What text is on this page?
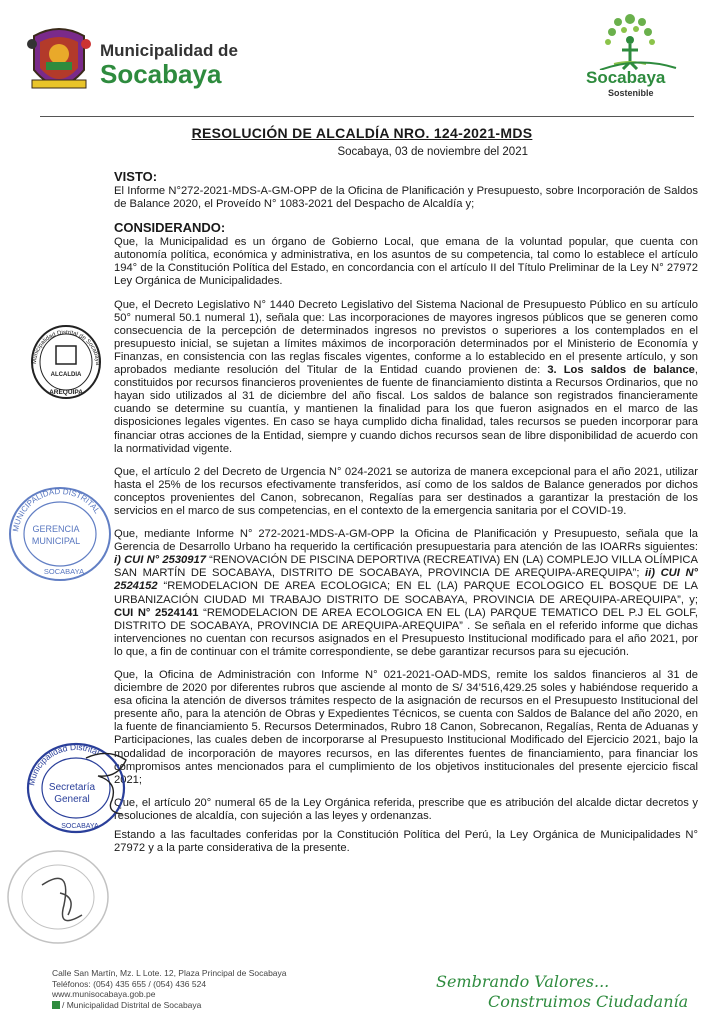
Municipalidad de
Socabaya	Socabaya
Sostenible
RESOLUCIÓN DE ALCALDÍA NRO. 124-2021-MDS
Socabaya, 03 de noviembre del 2021
VISTO:

El Informe N°272-2021-MDS-A-GM-OPP de la Oficina de Planificación y Presupuesto, sobre Incorporación de Saldos de Balance 2020, el Proveído N° 1083-2021 del Despacho de Alcaldía y;

CONSIDERANDO:

Que, la Municipalidad es un órgano de Gobierno Local, que emana de la voluntad popular, que cuenta con autonomía política, económica y administrativa, en los asuntos de su competencia, tal como lo establece el artículo 194° de la Constitución Política del Estado, en concordancia con el artículo II del Título Preliminar de la Ley N° 27972 Ley Orgánica de Municipalidades.

Que, el Decreto Legislativo N° 1440 Decreto Legislativo del Sistema Nacional de Presupuesto Público en su artículo 50° numeral 50.1 numeral 1), señala que: Las incorporaciones de mayores ingresos públicos que se generen como consecuencia de la percepción de determinados ingresos no previstos o superiores a los contemplados en el presupuesto inicial, se sujetan a límites máximos de incorporación determinados por el Ministerio de Economía y Finanzas, en consistencia con las reglas fiscales vigentes, conforme a lo establecido en el presente artículo, y son aprobados mediante resolución del Titular de la Entidad cuando provienen de: 3. Los saldos de balance, constituidos por recursos financieros provenientes de fuente de financiamiento distinta a Recursos Ordinarios, que no hayan sido utilizados al 31 de diciembre del año fiscal. Los saldos de balance son registrados financieramente cuando se determine su cuantía, y mantienen la finalidad para los que fueron asignados en el marco de las disposiciones legales vigentes. En caso se haya cumplido dicha finalidad, tales recursos se pueden incorporar para financiar otras acciones de la Entidad, siempre y cuando dichos recursos sean de libre disponibilidad de acuerdo con la normatividad vigente.

Que, el artículo 2 del Decreto de Urgencia N° 024-2021 se autoriza de manera excepcional para el año 2021, utilizar hasta el 25% de los recursos efectivamente transferidos, así como de los saldos de Balance generados por dichos conceptos provenientes del Canon, sobrecanon, Regalías para ser destinados a garantizar la prestación de los servicios en el marco de sus competencias, en el contexto de la emergencia sanitaria por el COVID-19.

Que, mediante Informe N° 272-2021-MDS-A-GM-OPP la Oficina de Planificación y Presupuesto, señala que la Gerencia de Desarrollo Urbano ha requerido la certificación presupuestaria para atención de las IOARRs siguientes: i) CUI N° 2530917 “RENOVACIÓN DE PISCINA DEPORTIVA (RECREATIVA) EN (LA) COMPLEJO VILLA OLÍMPICA SAN MARTÍN DE SOCABAYA, DISTRITO DE SOCABAYA, PROVINCIA DE AREQUIPA-AREQUIPA”; ii) CUI N° 2524152 “REMODELACION DE AREA ECOLOGICA; EN EL (LA) PARQUE ECOLOGICO EL BOSQUE DE LA URBANIZACIÓN CIUDAD MI TRABAJO DISTRITO DE SOCABAYA, PROVINCIA DE AREQUIPA-AREQUIPA”, y; CUI N° 2524141 “REMODELACION DE AREA ECOLOGICA EN EL (LA) PARQUE TEMATICO DEL P.J EL GOLF, DISTRITO DE SOCABAYA, PROVINCIA DE AREQUIPA-AREQUIPA” . Se señala en el referido informe que dichas intervenciones no cuentan con recursos asignados en el Presupuesto Institucional modificado para el año 2021, por lo que, a fin de continuar con el trámite correspondiente, se debe garantizar recursos para su ejecución.

Que, la Oficina de Administración con Informe N° 021-2021-OAD-MDS, remite los saldos financieros al 31 de diciembre de 2020 por diferentes rubros que asciende al monto de S/ 34’516,429.25 soles y habiéndose requerido a esa oficina la atención de diversos trámites respecto de la asignación de recursos en el Presupuesto Institucional del presente año, para la atención de Obras y Expedientes Técnicos, se cuenta con Saldos de Balance del año 2020, en la fuente de financiamiento 5. Recursos Determinados, Rubro 18 Canon, Sobrecanon, Regalías, Renta de Aduanas y Participaciones, las cuales deben de incorporarse al Presupuesto Institucional Modificado del Ejercicio 2021, bajo la modalidad de incorporación de mayores recursos, en las diferentes fuentes de financiamiento, para financiar los compromisos antes mencionados para el cumplimiento de los objetivos institucionales del presente ejercicio fiscal 2021;

Que, el artículo 20° numeral 65 de la Ley Orgánica referida, prescribe que es atribución del alcalde dictar decretos y resoluciones de alcaldía, con sujeción a las leyes y ordenanzas.

Estando a las facultades conferidas por la Constitución Política del Perú, la Ley Orgánica de Municipalidades N° 27972 y a la parte considerativa de la presente.

Municipalidad Distrital de Socabaya
ALCALDIA
AREQUIPA
MUNICIPALIDAD DISTRITAL
GERENCIA
MUNICIPAL
SOCABAYA
Municipalidad Distrital
Secretaría
General
SOCABAYA
Calle San Martín, Mz. L Lote. 12, Plaza Principal de Socabaya
Teléfonos: (054) 435 655 / (054) 436 524
www.munisocabaya.gob.pe
/ Municipalidad Distrital de Socabaya
Sembrando Valores...
Construimos Ciudadanía
